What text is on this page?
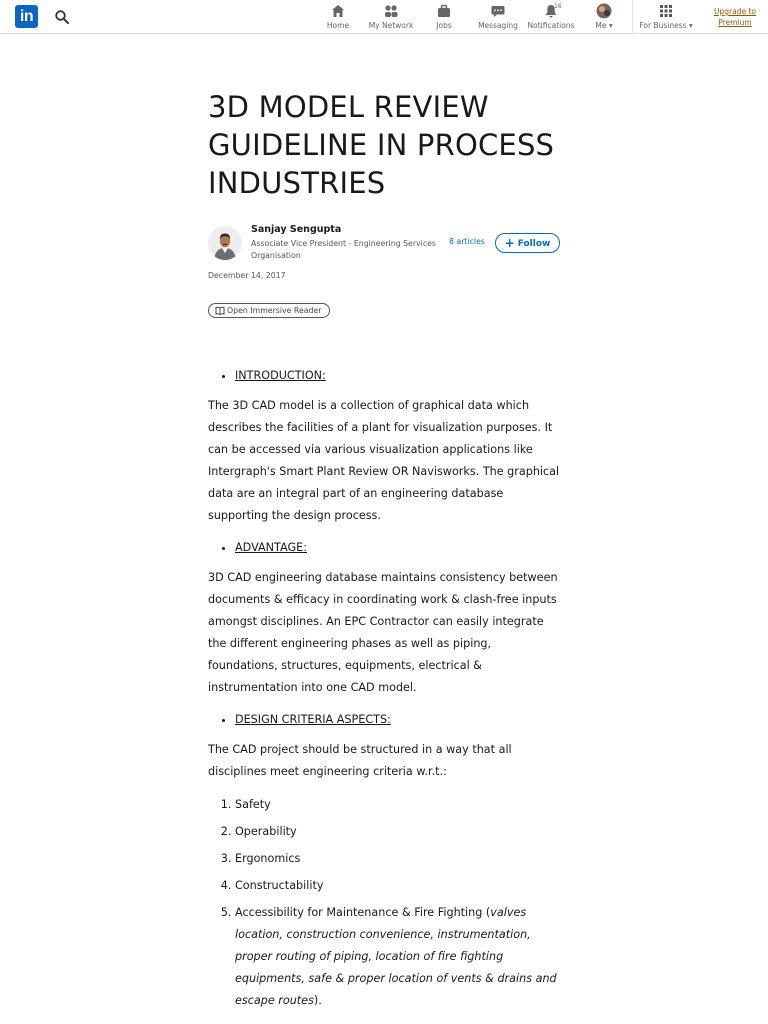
in
Home	My Network	Jobs	Messaging
16
Notifications	Me ▾	For Business ▾
Upgrade to
Premium
3D MODEL REVIEW GUIDELINE IN PROCESS INDUSTRIES
Sanjay Sengupta
Associate Vice President - Engineering Services Organisation
8 articles	+ Follow
December 14, 2017
Open Immersive Reader
• INTRODUCTION:

The 3D CAD model is a collection of graphical data which describes the facilities of a plant for visualization purposes. It can be accessed via various visualization applications like Intergraph's Smart Plant Review OR Navisworks. The graphical data are an integral part of an engineering database supporting the design process.

• ADVANTAGE:

3D CAD engineering database maintains consistency between documents & efficacy in coordinating work & clash-free inputs amongst disciplines. An EPC Contractor can easily integrate the different engineering phases as well as piping, foundations, structures, equipments, electrical & instrumentation into one CAD model.

• DESIGN CRITERIA ASPECTS:

The CAD project should be structured in a way that all disciplines meet engineering criteria w.r.t.:

1. Safety
2. Operability
3. Ergonomics
4. Constructability
5. Accessibility for Maintenance & Fire Fighting (valves location, construction convenience, instrumentation, proper routing of piping, location of fire fighting equipments, safe & proper location of vents & drains and escape routes).
